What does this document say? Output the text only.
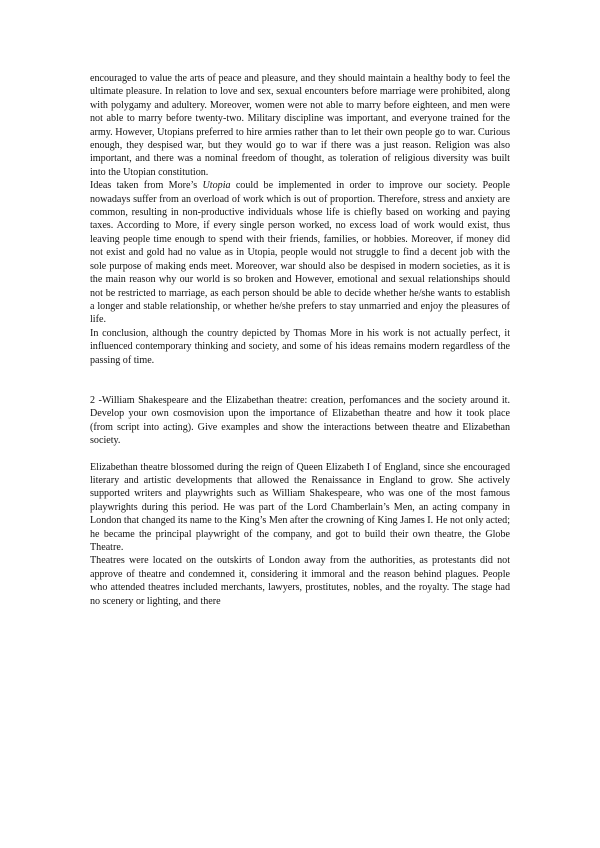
encouraged to value the arts of peace and pleasure, and they should maintain a healthy body to feel the ultimate pleasure. In relation to love and sex, sexual encounters before marriage were prohibited, along with polygamy and adultery. Moreover, women were not able to marry before eighteen, and men were not able to marry before twenty-two. Military discipline was important, and everyone trained for the army. However, Utopians preferred to hire armies rather than to let their own people go to war. Curious enough, they despised war, but they would go to war if there was a just reason. Religion was also important, and there was a nominal freedom of thought, as toleration of religious diversity was built into the Utopian constitution.

Ideas taken from More’s Utopia could be implemented in order to improve our society. People nowadays suffer from an overload of work which is out of proportion. Therefore, stress and anxiety are common, resulting in non-productive individuals whose life is chiefly based on working and paying taxes. According to More, if every single person worked, no excess load of work would exist, thus leaving people time enough to spend with their friends, families, or hobbies. Moreover, if money did not exist and gold had no value as in Utopia, people would not struggle to find a decent job with the sole purpose of making ends meet. Moreover, war should also be despised in modern societies, as it is the main reason why our world is so broken and However, emotional and sexual relationships should not be restricted to marriage, as each person should be able to decide whether he/she wants to establish a longer and stable relationship, or whether he/she prefers to stay unmarried and enjoy the pleasures of life.

In conclusion, although the country depicted by Thomas More in his work is not actually perfect, it influenced contemporary thinking and society, and some of his ideas remains modern regardless of the passing of time.

2 -William Shakespeare and the Elizabethan theatre: creation, perfomances and the society around it. Develop your own cosmovision upon the importance of Elizabethan theatre and how it took place (from script into acting). Give examples and show the interactions between theatre and Elizabethan society.

Elizabethan theatre blossomed during the reign of Queen Elizabeth I of England, since she encouraged literary and artistic developments that allowed the Renaissance in England to grow. She actively supported writers and playwrights such as William Shakespeare, who was one of the most famous playwrights during this period. He was part of the Lord Chamberlain’s Men, an acting company in London that changed its name to the King’s Men after the crowning of King James I. He not only acted; he became the principal playwright of the company, and got to build their own theatre, the Globe Theatre.

Theatres were located on the outskirts of London away from the authorities, as protestants did not approve of theatre and condemned it, considering it immoral and the reason behind plagues. People who attended theatres included merchants, lawyers, prostitutes, nobles, and the royalty. The stage had no scenery or lighting, and there
